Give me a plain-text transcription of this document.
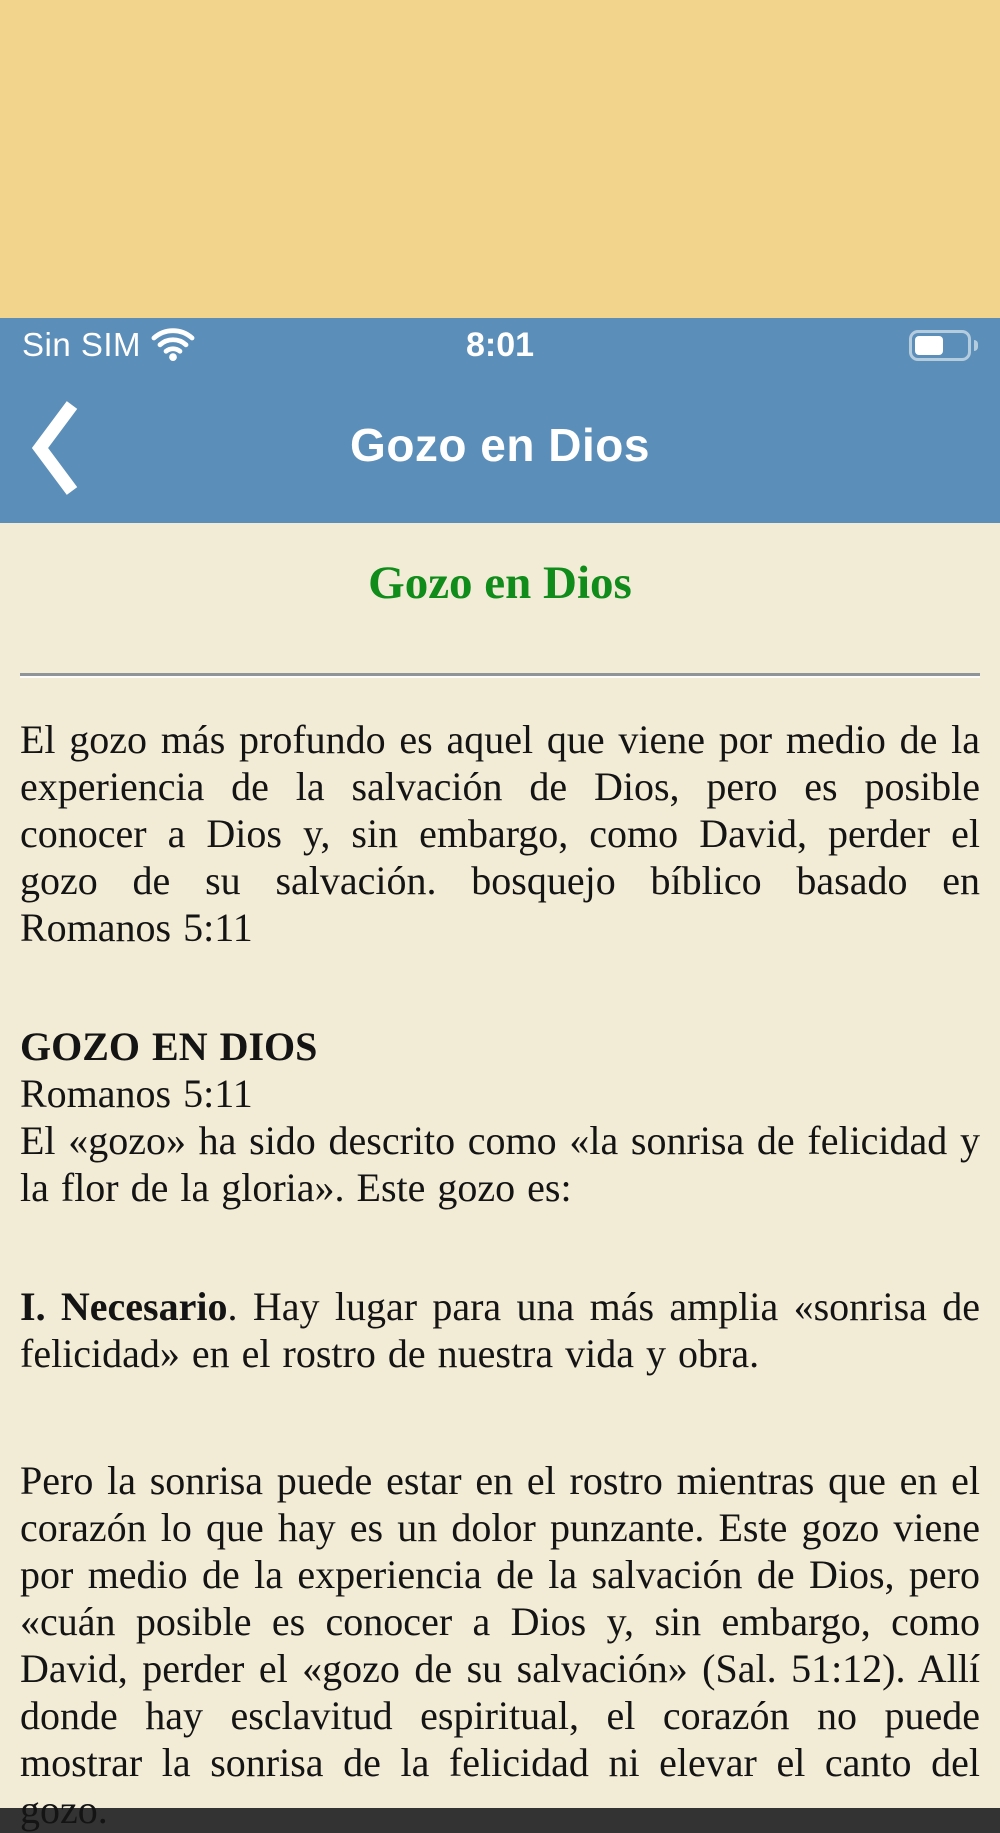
Sin SIM	8:01
Gozo en Dios
Gozo en Dios

El gozo más profundo es aquel que viene por medio de la experiencia de la salvación de Dios, pero es posible conocer a Dios y, sin embargo, como David, perder el gozo de su salvación. bosquejo bíblico basado en Romanos 5:11

GOZO EN DIOS
Romanos 5:11
El «gozo» ha sido descrito como «la sonrisa de felicidad y la flor de la gloria». Este gozo es:

I. Necesario. Hay lugar para una más amplia «sonrisa de felicidad» en el rostro de nuestra vida y obra.

Pero la sonrisa puede estar en el rostro mientras que en el corazón lo que hay es un dolor punzante. Este gozo viene por medio de la experiencia de la salvación de Dios, pero «cuán posible es conocer a Dios y, sin embargo, como David, perder el «gozo de su salvación» (Sal. 51:12). Allí donde hay esclavitud espiritual, el corazón no puede mostrar la sonrisa de la felicidad ni elevar el canto del gozo.
